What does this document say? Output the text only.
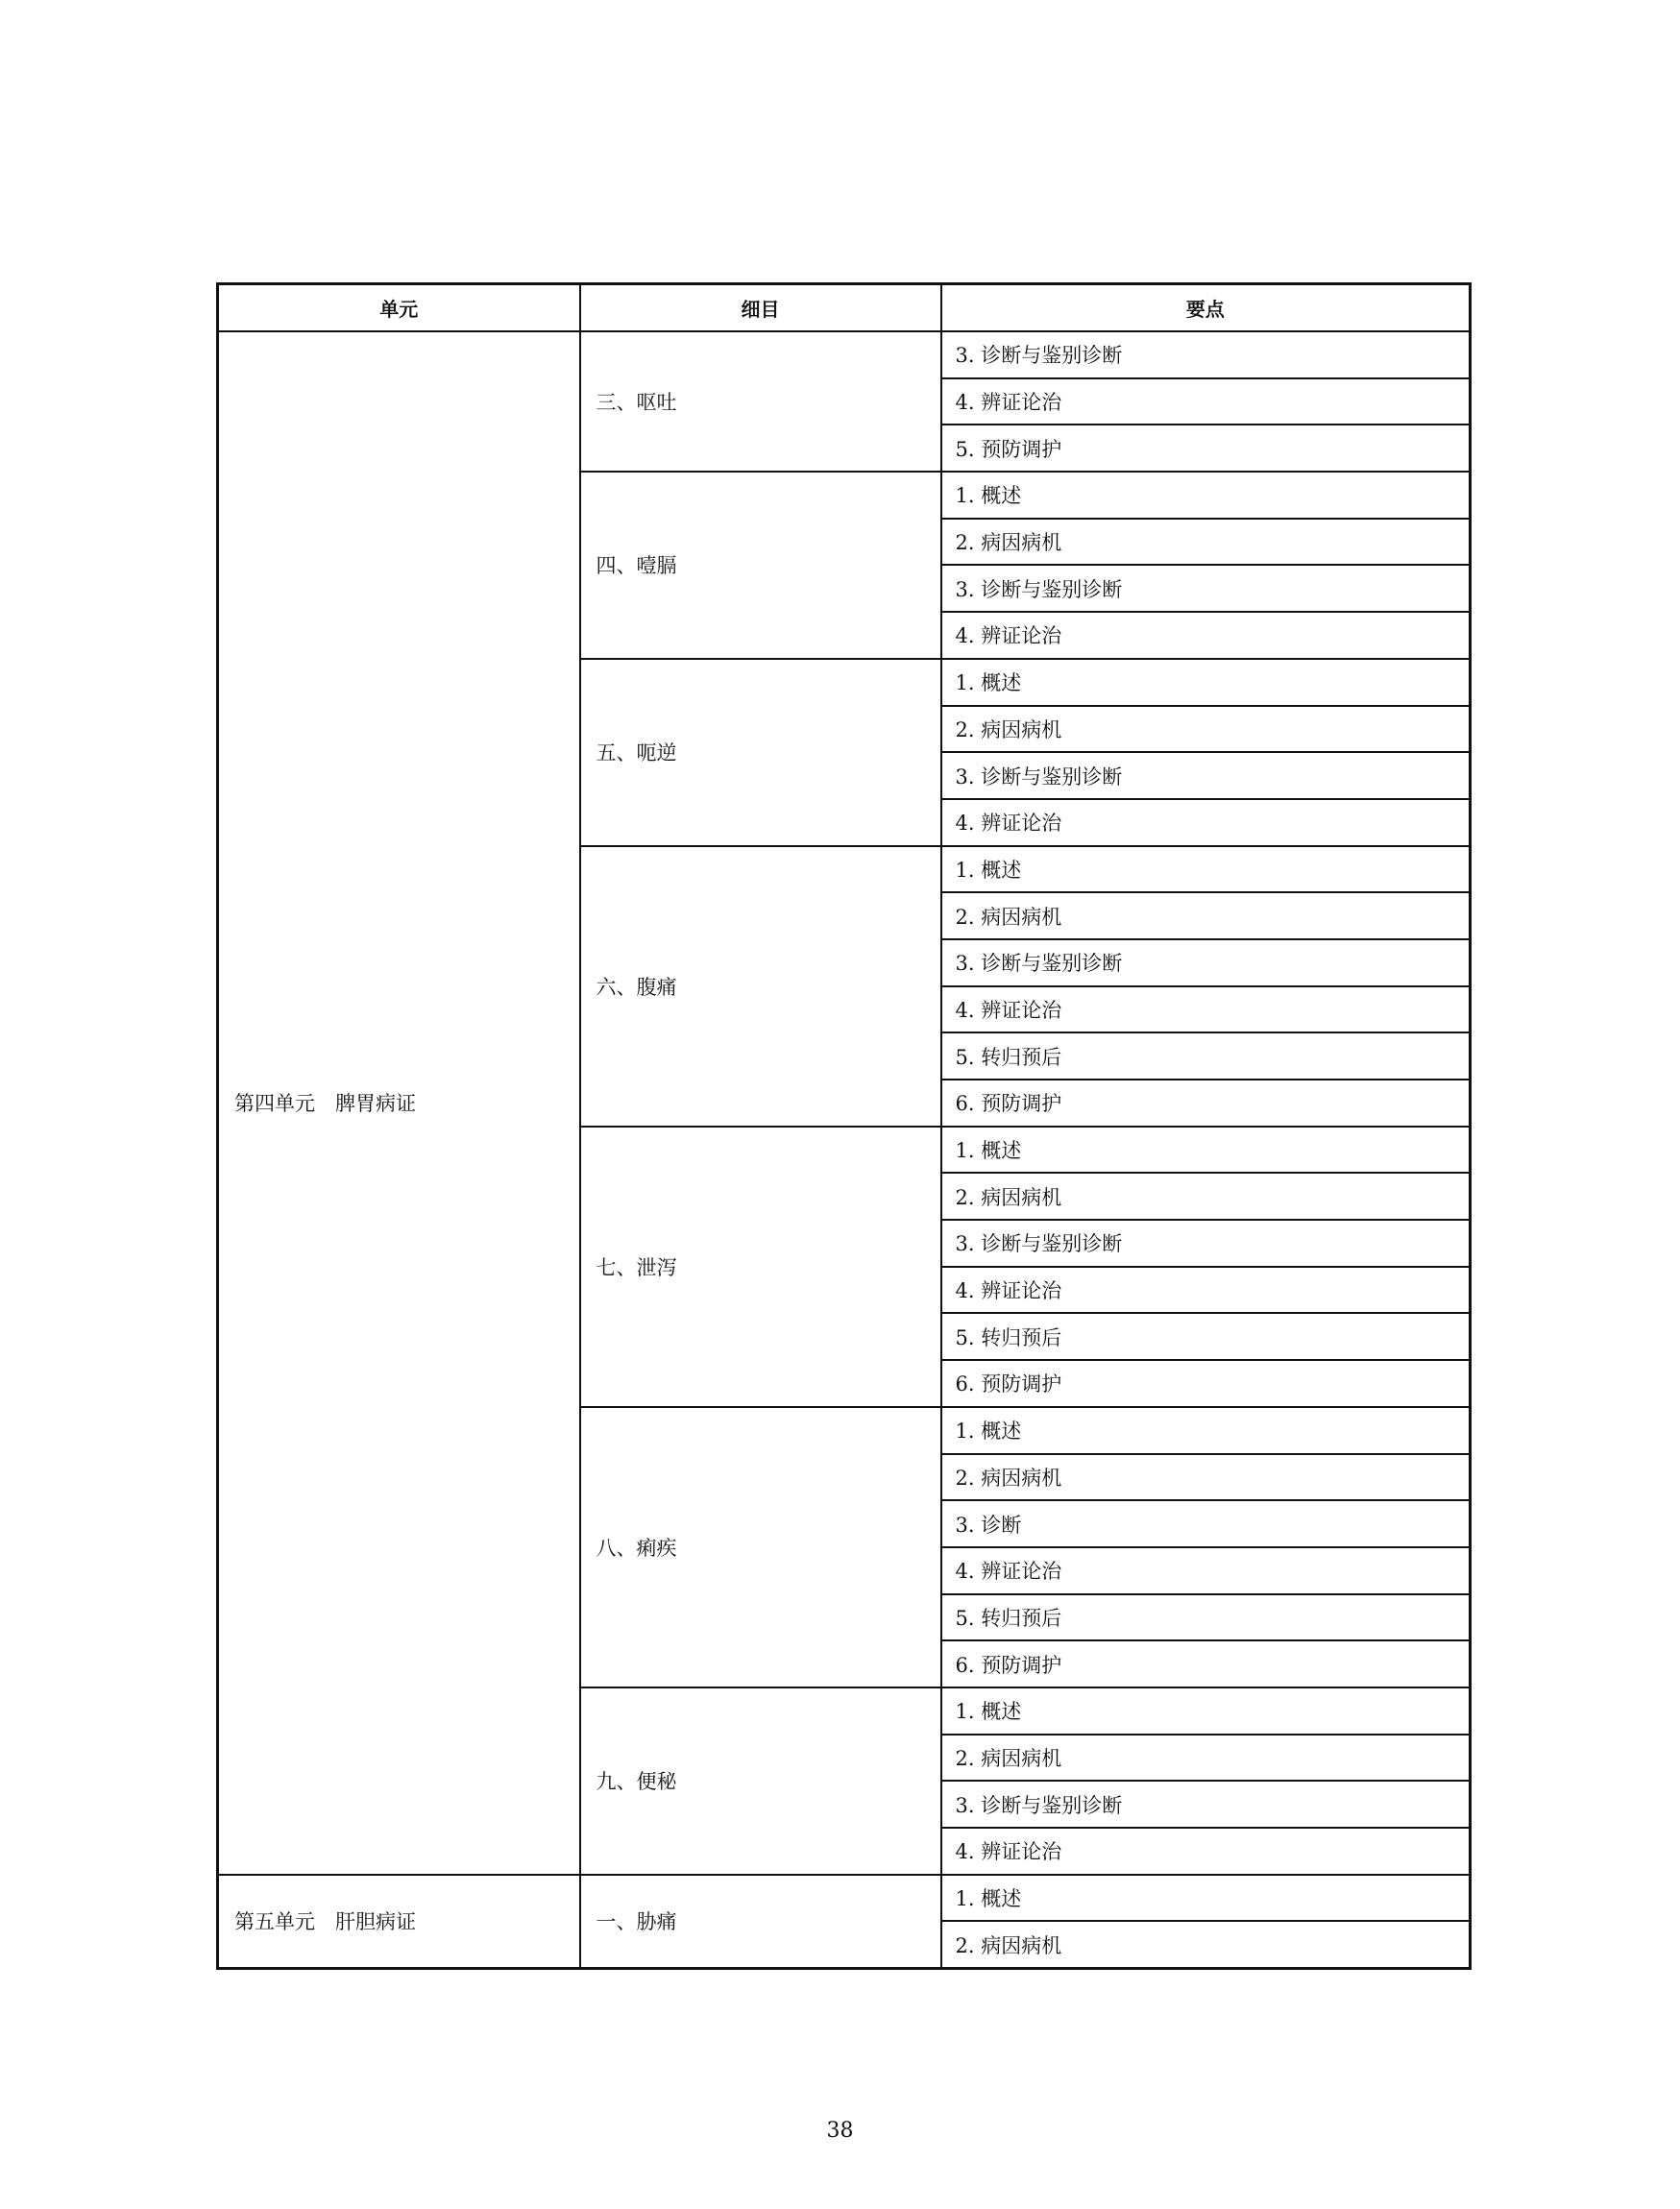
单元	细目	要点
第四单元　脾胃病证	三、呕吐	3. 诊断与鉴别诊断
		4. 辨证论治
		5. 预防调护
	四、噎膈	1. 概述
		2. 病因病机
		3. 诊断与鉴别诊断
		4. 辨证论治
	五、呃逆	1. 概述
		2. 病因病机
		3. 诊断与鉴别诊断
		4. 辨证论治
	六、腹痛	1. 概述
		2. 病因病机
		3. 诊断与鉴别诊断
		4. 辨证论治
		5. 转归预后
		6. 预防调护
	七、泄泻	1. 概述
		2. 病因病机
		3. 诊断与鉴别诊断
		4. 辨证论治
		5. 转归预后
		6. 预防调护
	八、痢疾	1. 概述
		2. 病因病机
		3. 诊断
		4. 辨证论治
		5. 转归预后
		6. 预防调护
	九、便秘	1. 概述
		2. 病因病机
		3. 诊断与鉴别诊断
		4. 辨证论治
第五单元　肝胆病证	一、胁痛	1. 概述
		2. 病因病机
38
